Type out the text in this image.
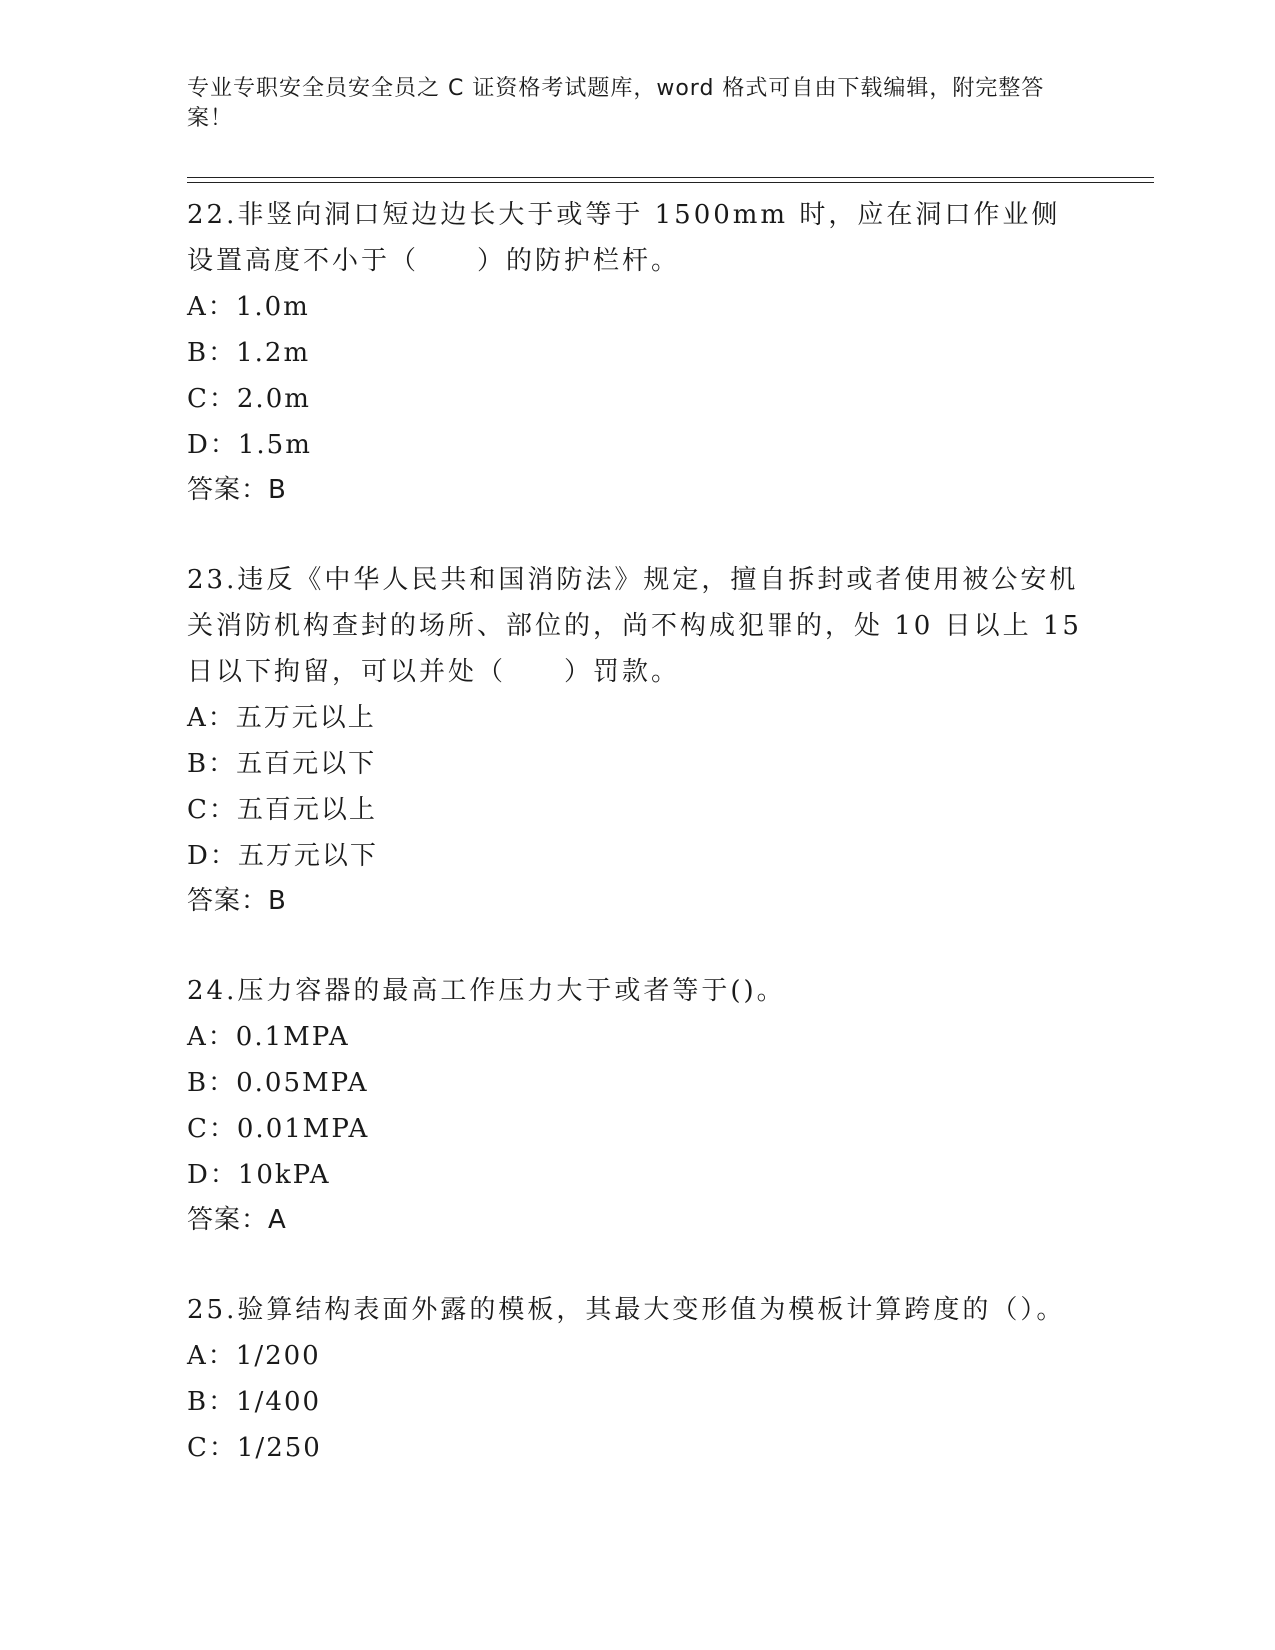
专业专职安全员安全员之 C 证资格考试题库，word 格式可自由下载编辑，附完整答案！
22.非竖向洞口短边边长大于或等于 1500mm 时，应在洞口作业侧设置高度不小于（　　）的防护栏杆。
A：1.0m
B：1.2m
C：2.0m
D：1.5m
答案：B
23.违反《中华人民共和国消防法》规定，擅自拆封或者使用被公安机关消防机构查封的场所、部位的，尚不构成犯罪的，处 10 日以上 15 日以下拘留，可以并处（　　）罚款。
A：五万元以上
B：五百元以下
C：五百元以上
D：五万元以下
答案：B
24.压力容器的最高工作压力大于或者等于()。
A：0.1MPA
B：0.05MPA
C：0.01MPA
D：10kPA
答案：A
25.验算结构表面外露的模板，其最大变形值为模板计算跨度的（）。
A：1/200
B：1/400
C：1/250
